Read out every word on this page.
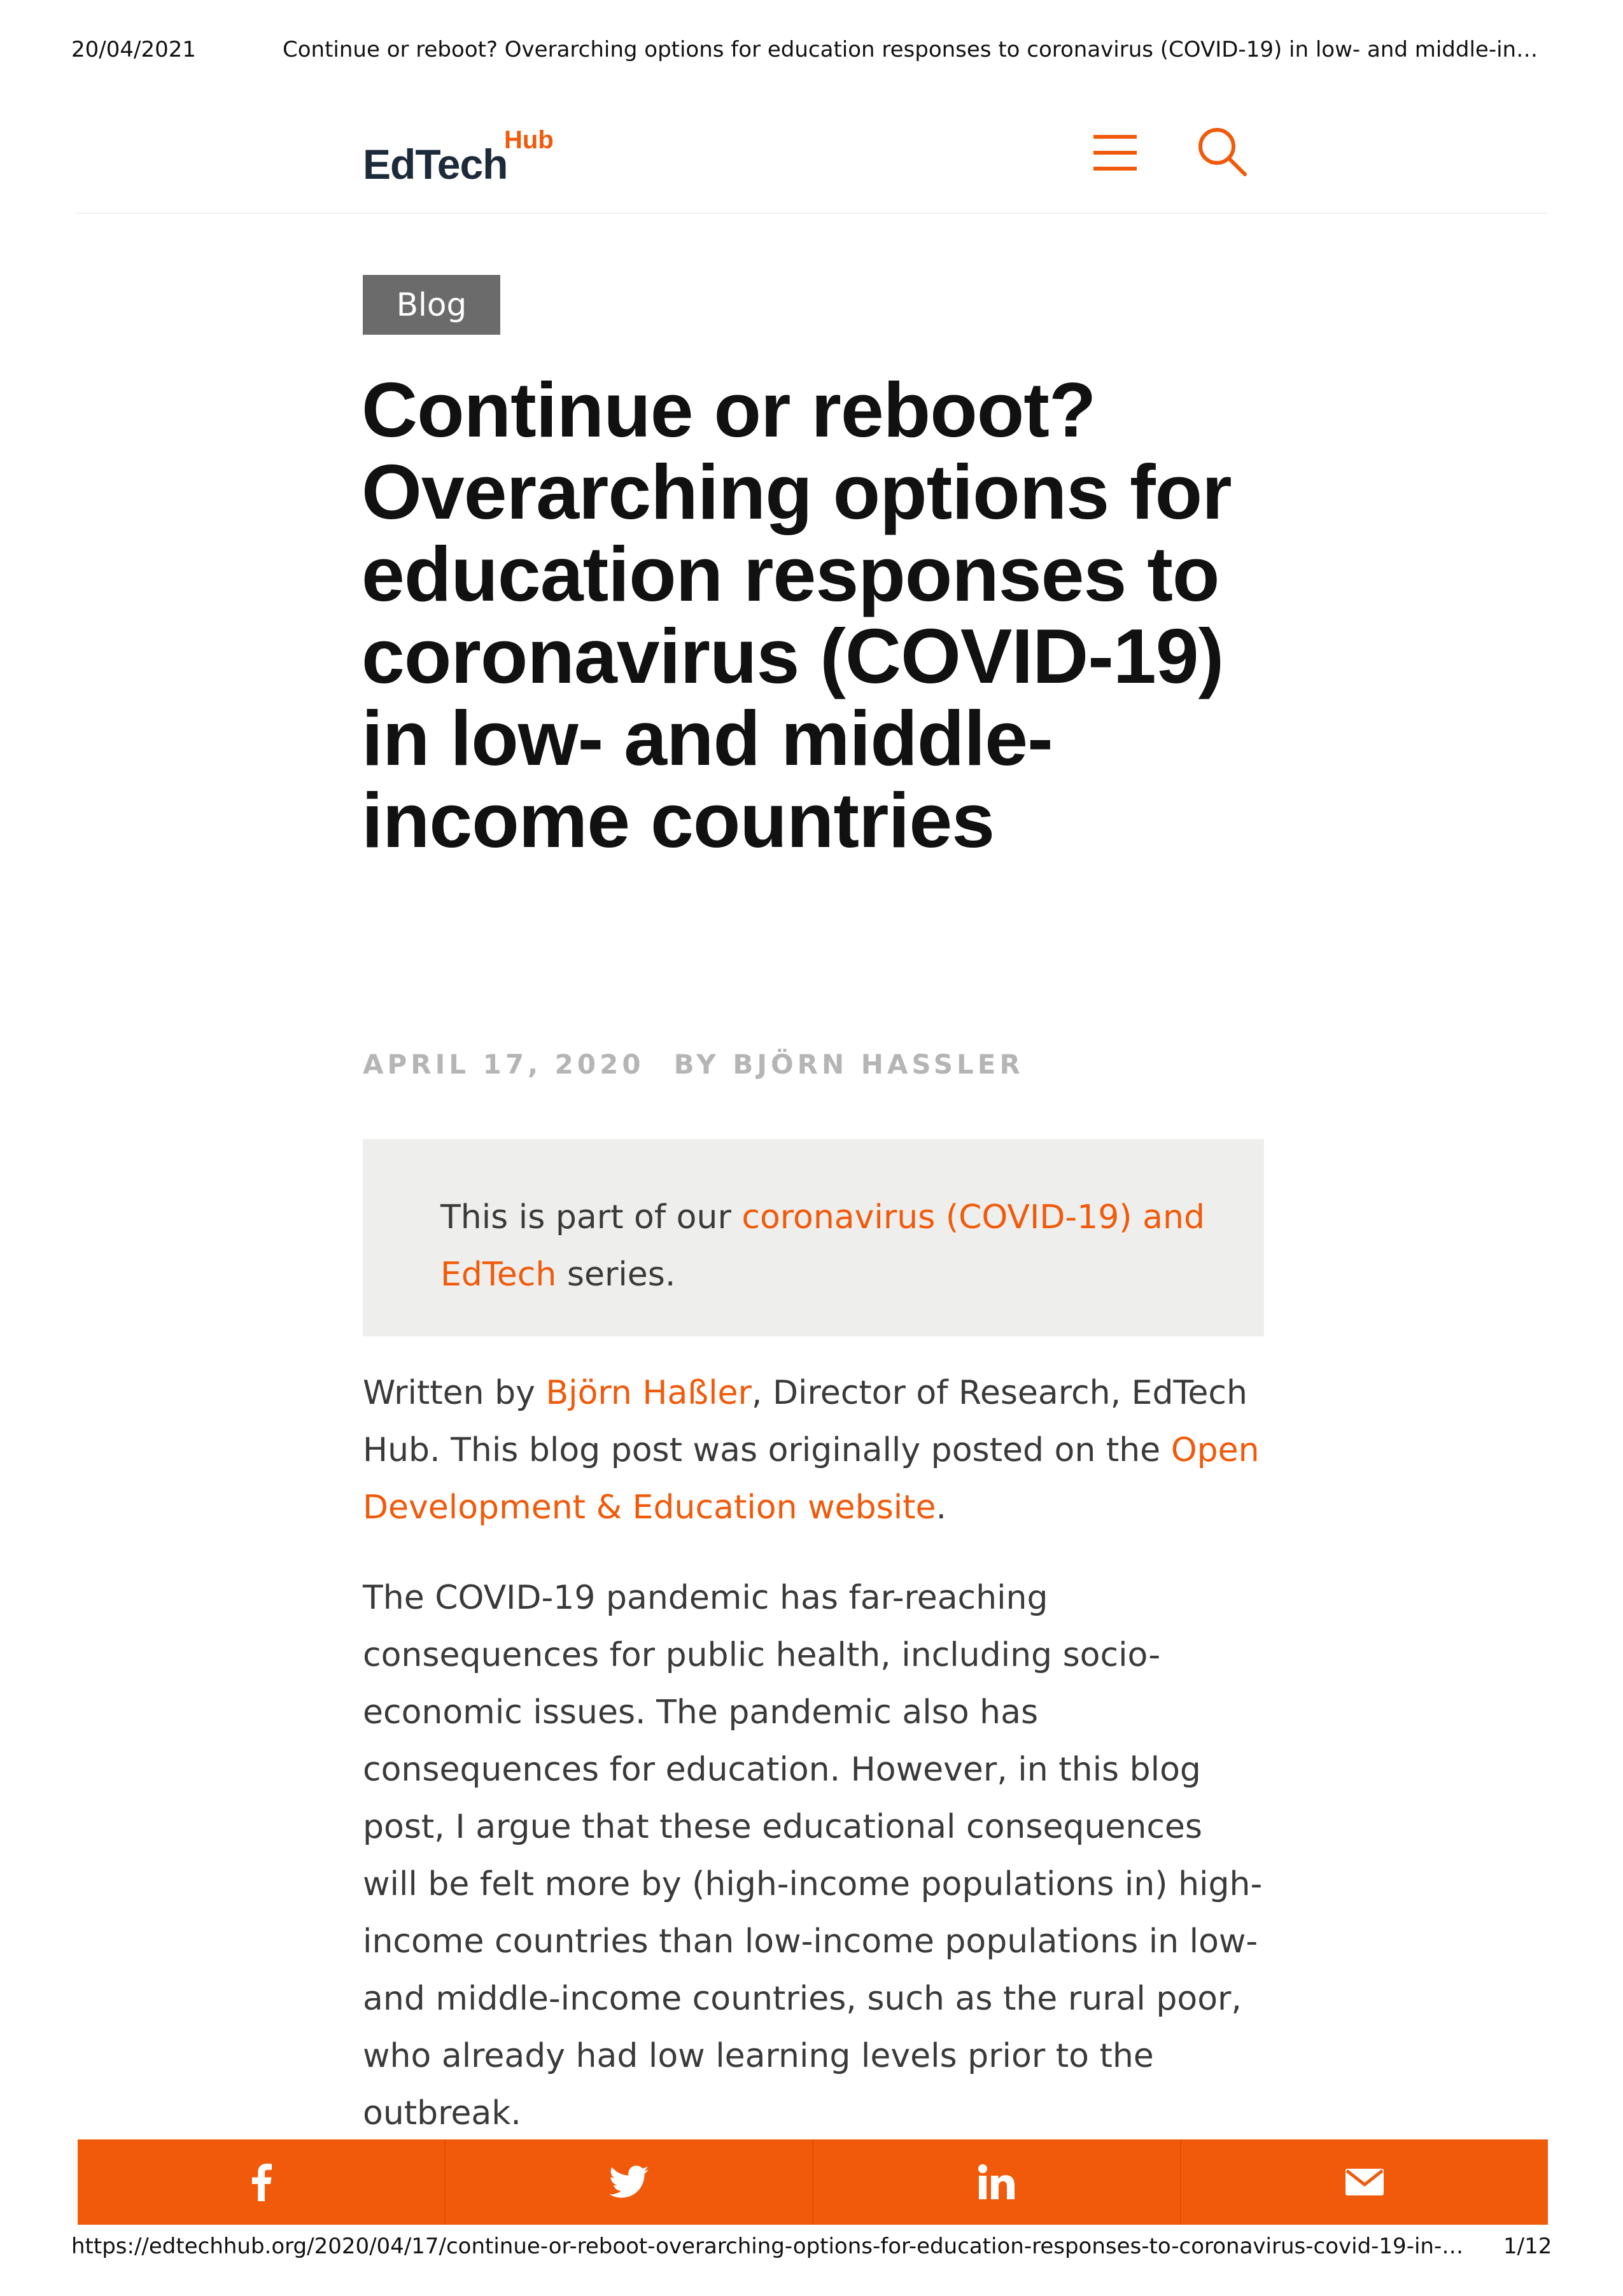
20/04/2021	Continue or reboot? Overarching options for education responses to coronavirus (COVID-19) in low- and middle-in…
EdTech
Hub
Blog
Continue or reboot? Overarching options for education responses to coronavirus (COVID-19) in low- and middle-income countries
APRIL 17, 2020 BY BJÖRN HASSLER

This is part of our coronavirus (COVID-19) and EdTech series.

Written by Björn Haßler, Director of Research, EdTech Hub. This blog post was originally posted on the Open Development & Education website.

The COVID-19 pandemic has far-reaching consequences for public health, including socio-economic issues. The pandemic also has consequences for education. However, in this blog post, I argue that these educational consequences will be felt more by (high-income populations in) high-income countries than low-income populations in low- and middle-income countries, such as the rural poor, who already had low learning levels prior to the outbreak.

https://edtechhub.org/2020/04/17/continue-or-reboot-overarching-options-for-education-responses-to-coronavirus-covid-19-in-…	1/12
